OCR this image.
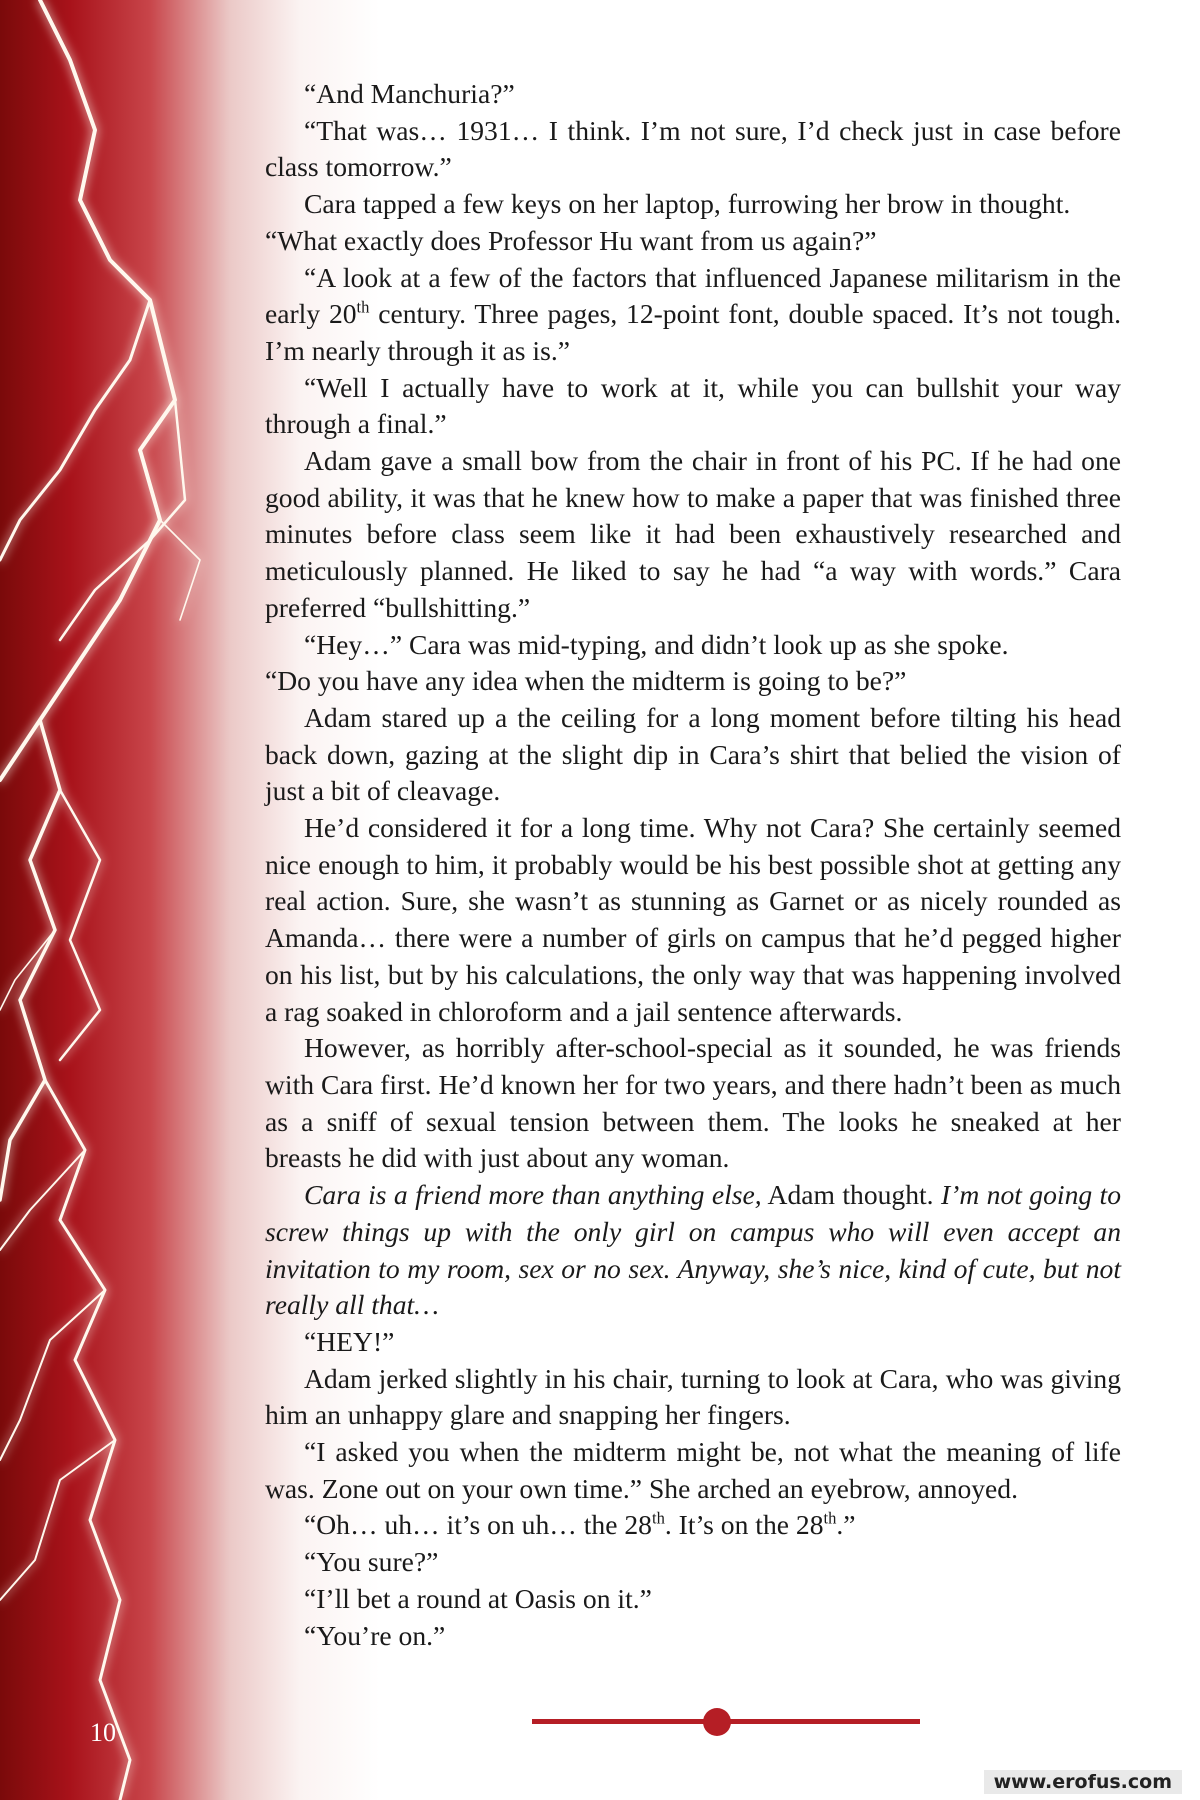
“And Manchuria?”

“That was… 1931… I think. I’m not sure, I’d check just in case before class tomorrow.”

Cara tapped a few keys on her laptop, furrowing her brow in thought.

“What exactly does Professor Hu want from us again?”

“A look at a few of the factors that influenced Japanese militarism in the early 20th century. Three pages, 12-point font, double spaced. It’s not tough. I’m nearly through it as is.”

“Well I actually have to work at it, while you can bullshit your way through a final.”

Adam gave a small bow from the chair in front of his PC. If he had one good ability, it was that he knew how to make a paper that was finished three minutes before class seem like it had been exhaustively researched and meticulously planned. He liked to say he had “a way with words.” Cara preferred “bullshitting.”

“Hey…” Cara was mid-typing, and didn’t look up as she spoke.

“Do you have any idea when the midterm is going to be?”

Adam stared up a the ceiling for a long moment before tilting his head back down, gazing at the slight dip in Cara’s shirt that belied the vision of just a bit of cleavage.

He’d considered it for a long time. Why not Cara? She certainly seemed nice enough to him, it probably would be his best possible shot at getting any real action. Sure, she wasn’t as stunning as Garnet or as nicely rounded as Amanda… there were a number of girls on campus that he’d pegged higher on his list, but by his calculations, the only way that was happening involved a rag soaked in chloroform and a jail sentence afterwards.

However, as horribly after-school-special as it sounded, he was friends with Cara first. He’d known her for two years, and there hadn’t been as much as a sniff of sexual tension between them. The looks he sneaked at her breasts he did with just about any woman.

Cara is a friend more than anything else, Adam thought. I’m not going to screw things up with the only girl on campus who will even accept an invitation to my room, sex or no sex. Anyway, she’s nice, kind of cute, but not really all that…

“HEY!”

Adam jerked slightly in his chair, turning to look at Cara, who was giving him an unhappy glare and snapping her fingers.

“I asked you when the midterm might be, not what the meaning of life was. Zone out on your own time.” She arched an eyebrow, annoyed.

“Oh… uh… it’s on uh… the 28th. It’s on the 28th.”

“You sure?”

“I’ll bet a round at Oasis on it.”

“You’re on.”

10
www.erofus.com
